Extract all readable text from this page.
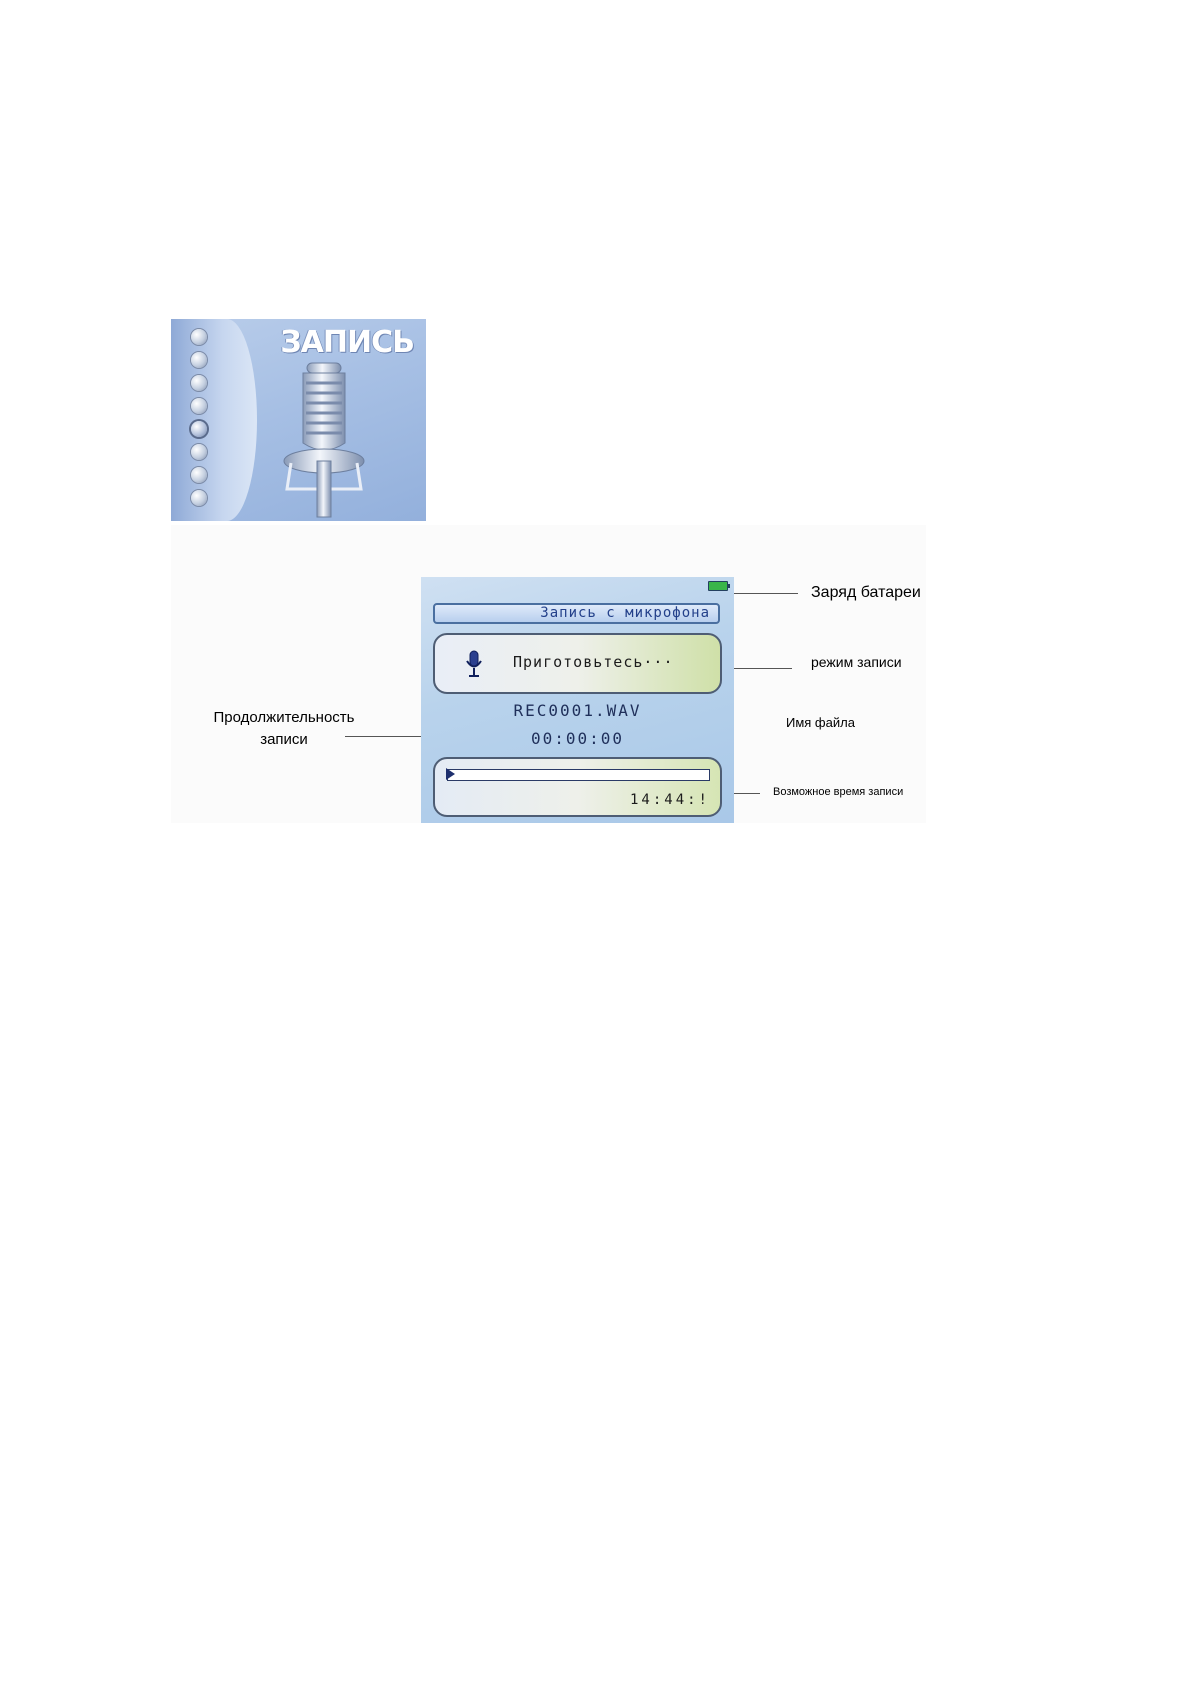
ЗАПИСЬ
Запись с микрофона
Приготовьтесь···
REC0001.WAV
00:00:00
14:44:!
Заряд батареи
режим записи
Имя файла
Возможное время записи
Продолжительность записи
